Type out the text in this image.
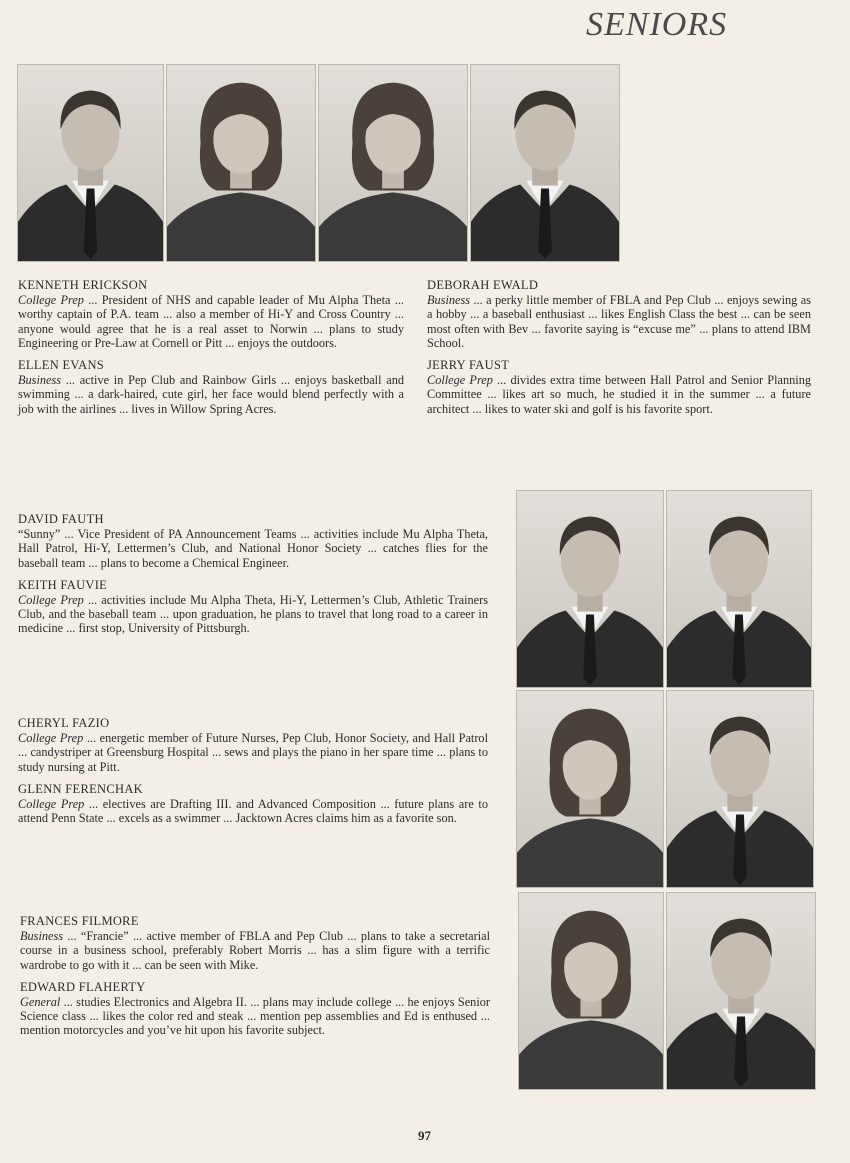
SENIORS
KENNETH ERICKSON

College Prep ... President of NHS and capable leader of Mu Alpha Theta ... worthy captain of P.A. team ... also a member of Hi-Y and Cross Country ... anyone would agree that he is a real asset to Norwin ... plans to study Engineering or Pre-Law at Cornell or Pitt ... enjoys the outdoors.

ELLEN EVANS

Business ... active in Pep Club and Rainbow Girls ... enjoys basketball and swimming ... a dark-haired, cute girl, her face would blend perfectly with a job with the airlines ... lives in Willow Spring Acres.

DEBORAH EWALD

Business ... a perky little member of FBLA and Pep Club ... enjoys sewing as a hobby ... a baseball enthusiast ... likes English Class the best ... can be seen most often with Bev ... favorite saying is “excuse me” ... plans to attend IBM School.

JERRY FAUST

College Prep ... divides extra time between Hall Patrol and Senior Planning Committee ... likes art so much, he studied it in the summer ... a future architect ... likes to water ski and golf is his favorite sport.

DAVID FAUTH

“Sunny” ... Vice President of PA Announcement Teams ... activities include Mu Alpha Theta, Hall Patrol, Hi-Y, Lettermen’s Club, and National Honor Society ... catches flies for the baseball team ... plans to become a Chemical Engineer.

KEITH FAUVIE

College Prep ... activities include Mu Alpha Theta, Hi-Y, Lettermen’s Club, Athletic Trainers Club, and the baseball team ... upon graduation, he plans to travel that long road to a career in medicine ... first stop, University of Pittsburgh.

CHERYL FAZIO

College Prep ... energetic member of Future Nurses, Pep Club, Honor Society, and Hall Patrol ... candystriper at Greensburg Hospital ... sews and plays the piano in her spare time ... plans to study nursing at Pitt.

GLENN FERENCHAK

College Prep ... electives are Drafting III. and Advanced Composition ... future plans are to attend Penn State ... excels as a swimmer ... Jacktown Acres claims him as a favorite son.

FRANCES FILMORE

Business ... “Francie” ... active member of FBLA and Pep Club ... plans to take a secretarial course in a business school, preferably Robert Morris ... has a slim figure with a terrific wardrobe to go with it ... can be seen with Mike.

EDWARD FLAHERTY

General ... studies Electronics and Algebra II. ... plans may include college ... he enjoys Senior Science class ... likes the color red and steak ... mention pep assemblies and Ed is enthused ... mention motorcycles and you’ve hit upon his favorite subject.

97
